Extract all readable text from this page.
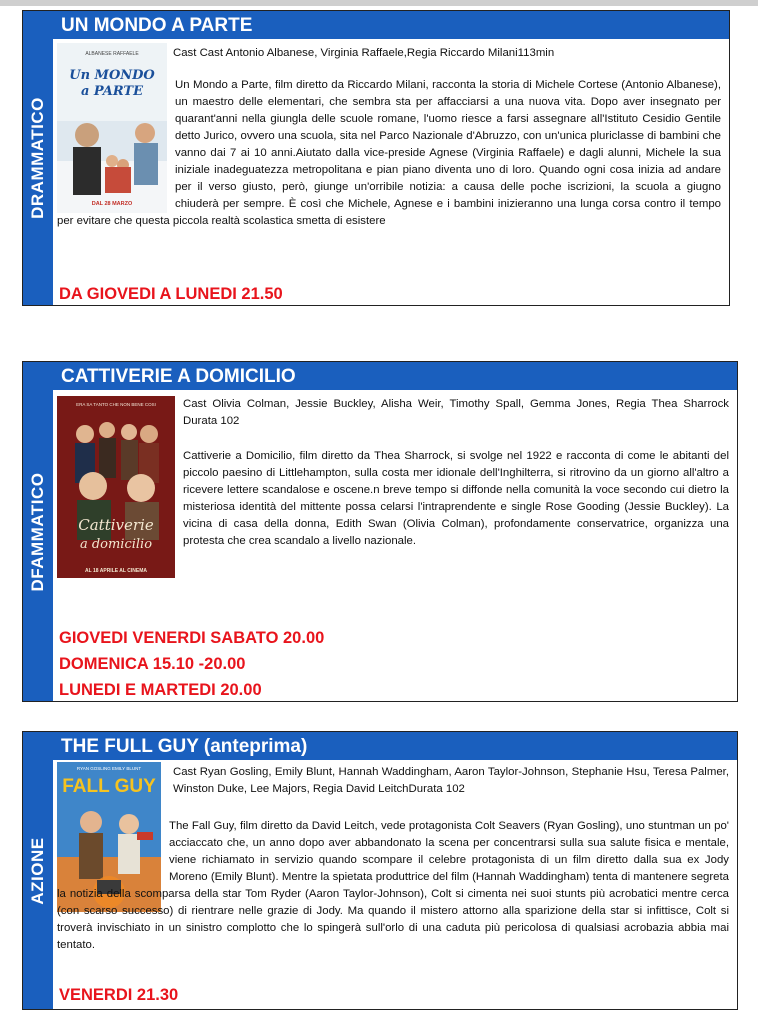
DRAMMATICO
UN MONDO A PARTE
ALBANESE RAFFAELE
Un MONDO
a PARTE
DAL 28 MARZO
Cast Cast Antonio Albanese, Virginia Raffaele,Regia Riccardo Milani113min
Un Mondo a Parte, film diretto da Riccardo Milani, racconta la storia di Michele Cortese (Antonio Albanese), un maestro delle elementari, che sembra sta per affacciarsi a una nuova vita. Dopo aver insegnato per quarant'anni nella giungla delle scuole romane, l'uomo riesce a farsi assegnare all'Istituto Cesidio Gentile detto Jurico, ovvero una scuola, sita nel Parco Nazionale d'Abruzzo, con un'unica pluriclasse di bambini che vanno dai 7 ai 10 anni.Aiutato dalla vice-preside Agnese (Virginia Raffaele) e dagli alunni, Michele la sua iniziale inadeguatezza metropolitana e pian piano diventa uno di loro. Quando ogni cosa inizia ad andare per il verso giusto, però, giunge un'orribile notizia: a causa delle poche iscrizioni, la scuola a giugno chiuderà per sempre. È così che Michele, Agnese e i bambini inizieranno una lunga corsa contro il tempo per evitare che questa piccola realtà scolastica smetta di esistere
DA GIOVEDI A LUNEDI 21.50
DFAMMATICO
CATTIVERIE A DOMICILIO
ERA SA TANTO CHE NON BENE COSI
Cattiverie
a domicilio
AL 18 APRILE AL CINEMA
Cast Olivia Colman, Jessie Buckley, Alisha Weir, Timothy Spall, Gemma Jones, Regia Thea Sharrock Durata 102
Cattiverie a Domicilio, film diretto da Thea Sharrock, si svolge nel 1922 e racconta di come le abitanti del piccolo paesino di Littlehampton, sulla costa mer idionale dell'Inghilterra, si ritrovino da un giorno all'altro a ricevere lettere scandalose e oscene.n breve tempo si diffonde nella comunità la voce secondo cui dietro la misteriosa identità del mittente possa celarsi l'intraprendente e single Rose Gooding (Jessie Buckley). La vicina di casa della donna, Edith Swan (Olivia Colman), profondamente conservatrice, organizza una protesta che crea scandalo a livello nazionale.
GIOVEDI VENERDI SABATO 20.00
DOMENICA 15.10 -20.00
LUNEDI E MARTEDI 20.00
AZIONE
THE FULL GUY (anteprima)
RYAN GOSLING EMILY BLUNT
FALL GUY
Cast Ryan Gosling, Emily Blunt, Hannah Waddingham, Aaron Taylor-Johnson, Stephanie Hsu, Teresa Palmer, Winston Duke, Lee Majors, Regia David LeitchDurata 102
The Fall Guy, film diretto da David Leitch, vede protagonista Colt Seavers (Ryan Gosling), uno stuntman un po' acciaccato che, un anno dopo aver abbandonato la scena per concentrarsi sulla sua salute fisica e mentale, viene richiamato in servizio quando scompare il celebre protagonista di un film diretto dalla sua ex Jody Moreno (Emily Blunt). Mentre la spietata produttrice del film (Hannah Waddingham) tenta di mantenere segreta la notizia della scomparsa della star Tom Ryder (Aaron Taylor-Johnson), Colt si cimenta nei suoi stunts più acrobatici mentre cerca (con scarso successo) di rientrare nelle grazie di Jody. Ma quando il mistero attorno alla sparizione della star si infittisce, Colt si troverà invischiato in un sinistro complotto che lo spingerà sull'orlo di una caduta più pericolosa di qualsiasi acrobazia abbia mai tentato.
VENERDI 21.30
